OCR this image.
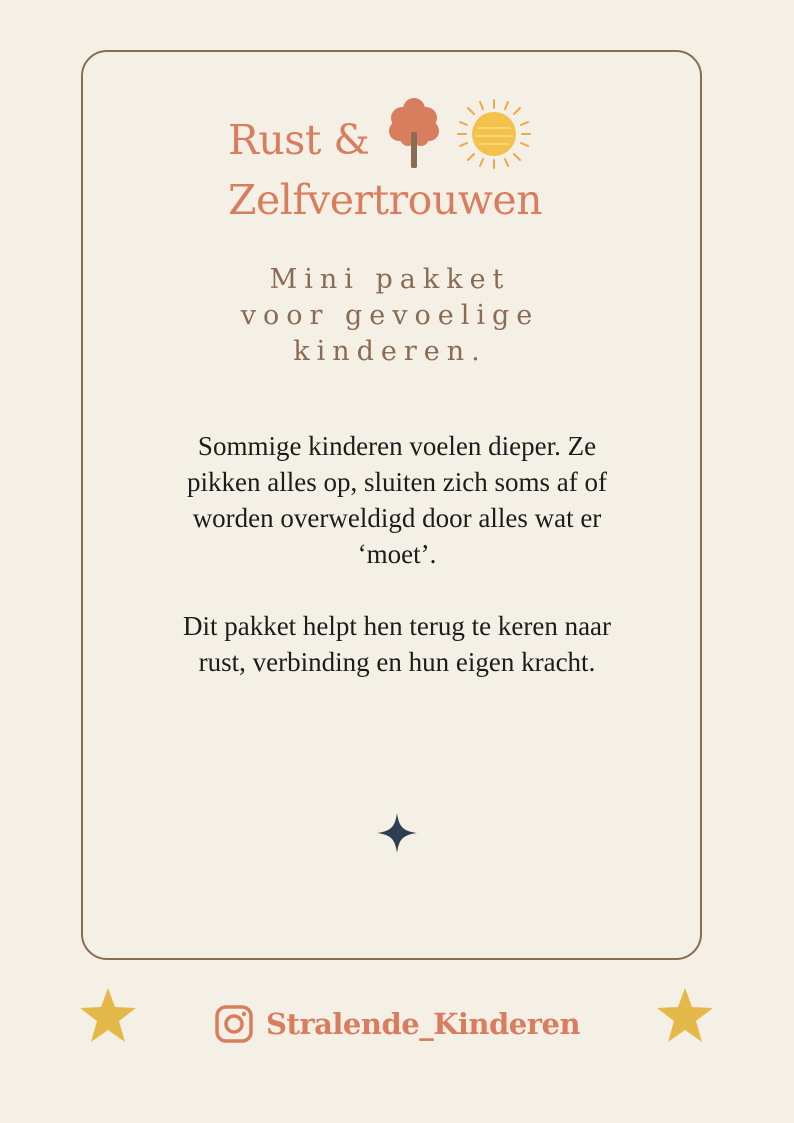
Rust &
Zelfvertrouwen
Mini pakket
voor gevoelige
kinderen.

Sommige kinderen voelen dieper. Ze pikken alles op, sluiten zich soms af of worden overweldigd door alles wat er ‘moet’.

Dit pakket helpt hen terug te keren naar rust, verbinding en hun eigen kracht.

Stralende_Kinderen
